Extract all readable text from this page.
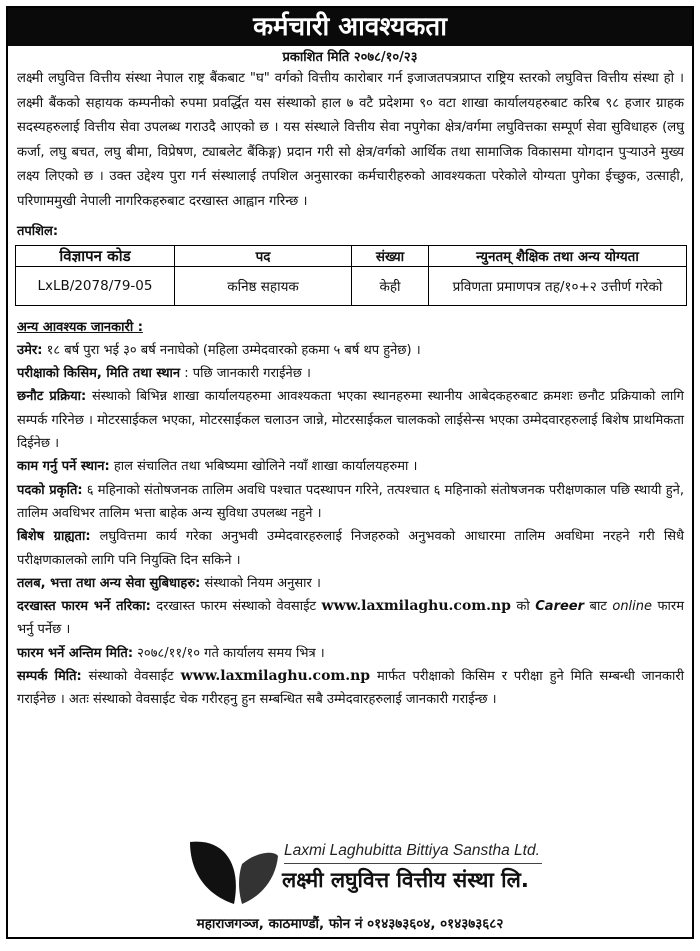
कर्मचारी आवश्यकता
प्रकाशित मिति २०७८/१०/२३

लक्ष्मी लघुवित्त वित्तीय संस्था नेपाल राष्ट्र बैंकबाट "घ" वर्गको वित्तीय कारोबार गर्न इजाजतपत्रप्राप्त राष्ट्रिय स्तरको लघुवित्त वित्तीय संस्था हो । लक्ष्मी बैंकको सहायक कम्पनीको रुपमा प्रवर्द्धित यस संस्थाको हाल ७ वटै प्रदेशमा ९० वटा शाखा कार्यालयहरुबाट करिब ९८ हजार ग्राहक सदस्यहरुलाई वित्तीय सेवा उपलब्ध गराउदै आएको छ । यस संस्थाले वित्तीय सेवा नपुगेका क्षेत्र/वर्गमा लघुवित्तका सम्पूर्ण सेवा सुविधाहरु (लघु कर्जा, लघु बचत, लघु बीमा, विप्रेषण, ट्याबलेट बैंकिङ्ग) प्रदान गरी सो क्षेत्र/वर्गको आर्थिक तथा सामाजिक विकासमा योगदान पुऱ्याउने मुख्य लक्ष्य लिएको छ । उक्त उद्देश्य पुरा गर्न संस्थालाई तपशिल अनुसारका कर्मचारीहरुको आवश्यकता परेकोले योग्यता पुगेका ईच्छुक, उत्साही, परिणाममुखी नेपाली नागरिकहरुबाट दरखास्त आह्वान गरिन्छ ।

तपशिल:
विज्ञापन कोड	पद	संख्या	न्युनतम् शैक्षिक तथा अन्य योग्यता
LxLB/2078/79-05	कनिष्ठ सहायक	केही	प्रविणता प्रमाणपत्र तह/१०+२ उत्तीर्ण गरेको

अन्य आवश्यक जानकारी :

उमेर: १८ बर्ष पुरा भई ३० बर्ष ननाघेको (महिला उम्मेदवारको हकमा ५ बर्ष थप हुनेछ) ।

परीक्षाको किसिम, मिति तथा स्थान : पछि जानकारी गराईनेछ ।

छनौट प्रक्रिया: संस्थाको बिभिन्न शाखा कार्यालयहरुमा आवश्यकता भएका स्थानहरुमा स्थानीय आबेदकहरुबाट क्रमशः छनौट प्रक्रियाको लागि सम्पर्क गरिनेछ । मोटरसाईकल भएका, मोटरसाईकल चलाउन जान्ने, मोटरसाईकल चालकको लाईसेन्स भएका उम्मेदवारहरुलाई बिशेष प्राथमिकता दिईनेछ ।

काम गर्नु पर्ने स्थान: हाल संचालित तथा भबिष्यमा खोलिने नयाँ शाखा कार्यालयहरुमा ।

पदको प्रकृति: ६ महिनाको संतोषजनक तालिम अवधि पश्चात पदस्थापन गरिने, तत्पश्चात ६ महिनाको संतोषजनक परीक्षणकाल पछि स्थायी हुने, तालिम अवधिभर तालिम भत्ता बाहेक अन्य सुविधा उपलब्ध नहुने ।

बिशेष ग्राह्यता: लघुवित्तमा कार्य गरेका अनुभवी उम्मेदवारहरुलाई निजहरुको अनुभवको आधारमा तालिम अवधिमा नरहने गरी सिधै परीक्षणकालको लागि पनि नियुक्ति दिन सकिने ।

तलब, भत्ता तथा अन्य सेवा सुबिधाहरु: संस्थाको नियम अनुसार ।

दरखास्त फारम भर्ने तरिका: दरखास्त फारम संस्थाको वेवसाईट www.laxmilaghu.com.np को Career बाट online फारम भर्नु पर्नेछ ।

फारम भर्ने अन्तिम मिति: २०७८/११/१० गते कार्यालय समय भित्र ।

सम्पर्क मिति: संस्थाको वेवसाईट www.laxmilaghu.com.np मार्फत परीक्षाको किसिम र परीक्षा हुने मिति सम्बन्धी जानकारी गराईनेछ । अतः संस्थाको वेवसाईट चेक गरीरहनु हुन सम्बन्धित सबै उम्मेदवारहरुलाई जानकारी गराईन्छ ।

Laxmi Laghubitta Bittiya Sanstha Ltd.
लक्ष्मी लघुवित्त वित्तीय संस्था लि.
महाराजगञ्ज, काठमाण्डौं, फोन नं ०१४३७३६०४, ०१४३७३६८२
